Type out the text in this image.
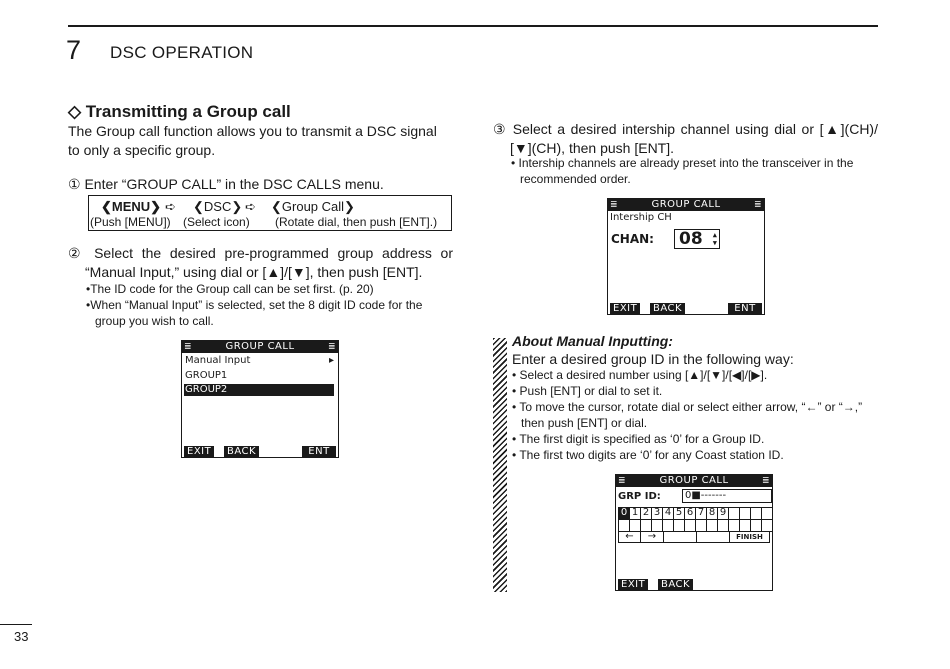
7 DSC OPERATION
◇ Transmitting a Group call
The Group call function allows you to transmit a DSC signal
to only a specific group.
① Enter “GROUP CALL” in the DSC CALLS menu.
❮MENU❯ ➪ ❮DSC❯ ➪ ❮Group Call❯
(Push [MENU]) (Select icon) (Rotate dial, then push [ENT].)
② Select the desired pre-programmed group address or
“Manual Input,” using dial or [▲]/[▼], then push [ENT].
•The ID code for the Group call can be set first. (p. 20)
•When “Manual Input” is selected, set the 8 digit ID code for the group you wish to call.
≣	GROUP CALL	≣
Manual Input	▸
GROUP1
GROUP2
EXIT	BACK	ENT
③ Select a desired intership channel using dial or [▲](CH)/
[▼](CH), then push [ENT].
• Intership channels are already preset into the transceiver in the recommended order.
≣	GROUP CALL	≣
Intership CH
CHAN: 08 ▲
▼
EXIT	BACK	ENT
About Manual Inputting:
Enter a desired group ID in the following way:
• Select a desired number using [▲]/[▼]/[◀]/[▶].
• Push [ENT] or dial to set it.
• To move the cursor, rotate dial or select either arrow, “←” or “→,” then push [ENT] or dial.
• The first digit is specified as ‘0’ for a Group ID.
• The first two digits are ‘0’ for any Coast station ID.
≣	GROUP CALL	≣
GRP ID: 0■-------
←	→	FINISH
EXIT	BACK
0 1 2 3 4 5 6 7 8 9
33
